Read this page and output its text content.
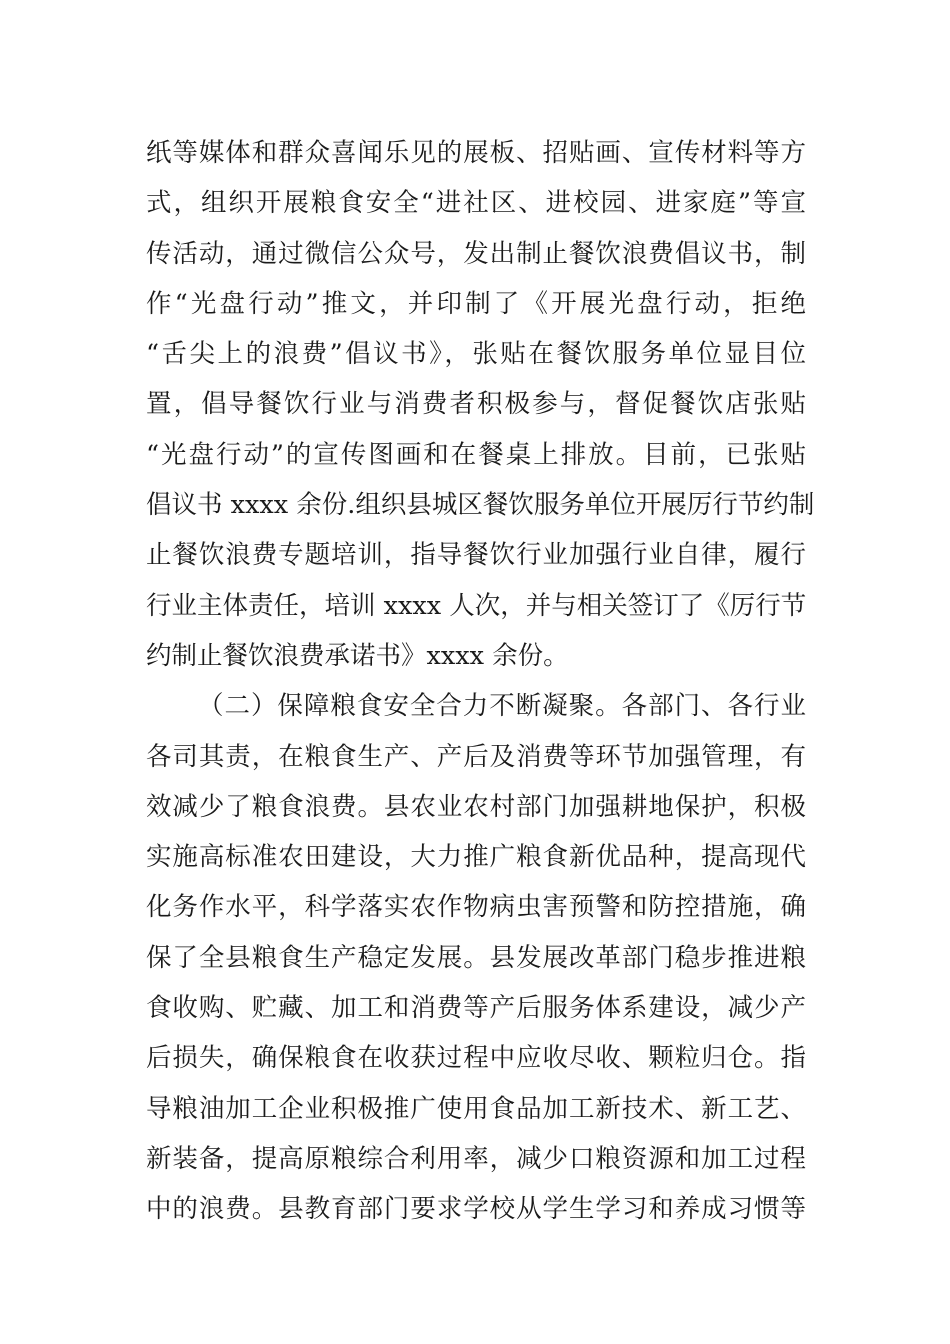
纸等媒体和群众喜闻乐见的展板、招贴画、宣传材料等方
式，组织开展粮食安全“进社区、进校园、进家庭”等宣
传活动，通过微信公众号，发出制止餐饮浪费倡议书，制
作“光盘行动”推文，并印制了《开展光盘行动，拒绝
“舌尖上的浪费”倡议书》，张贴在餐饮服务单位显目位
置，倡导餐饮行业与消费者积极参与，督促餐饮店张贴
“光盘行动”的宣传图画和在餐桌上排放。目前，已张贴
倡议书 xxxx 余份.组织县城区餐饮服务单位开展厉行节约制
止餐饮浪费专题培训，指导餐饮行业加强行业自律，履行
行业主体责任，培训 xxxx 人次，并与相关签订了《厉行节
约制止餐饮浪费承诺书》xxxx 余份。
（二）保障粮食安全合力不断凝聚。各部门、各行业
各司其责，在粮食生产、产后及消费等环节加强管理，有
效减少了粮食浪费。县农业农村部门加强耕地保护，积极
实施高标准农田建设，大力推广粮食新优品种，提高现代
化务作水平，科学落实农作物病虫害预警和防控措施，确
保了全县粮食生产稳定发展。县发展改革部门稳步推进粮
食收购、贮藏、加工和消费等产后服务体系建设，减少产
后损失，确保粮食在收获过程中应收尽收、颗粒归仓。指
导粮油加工企业积极推广使用食品加工新技术、新工艺、
新装备，提高原粮综合利用率，减少口粮资源和加工过程
中的浪费。县教育部门要求学校从学生学习和养成习惯等
